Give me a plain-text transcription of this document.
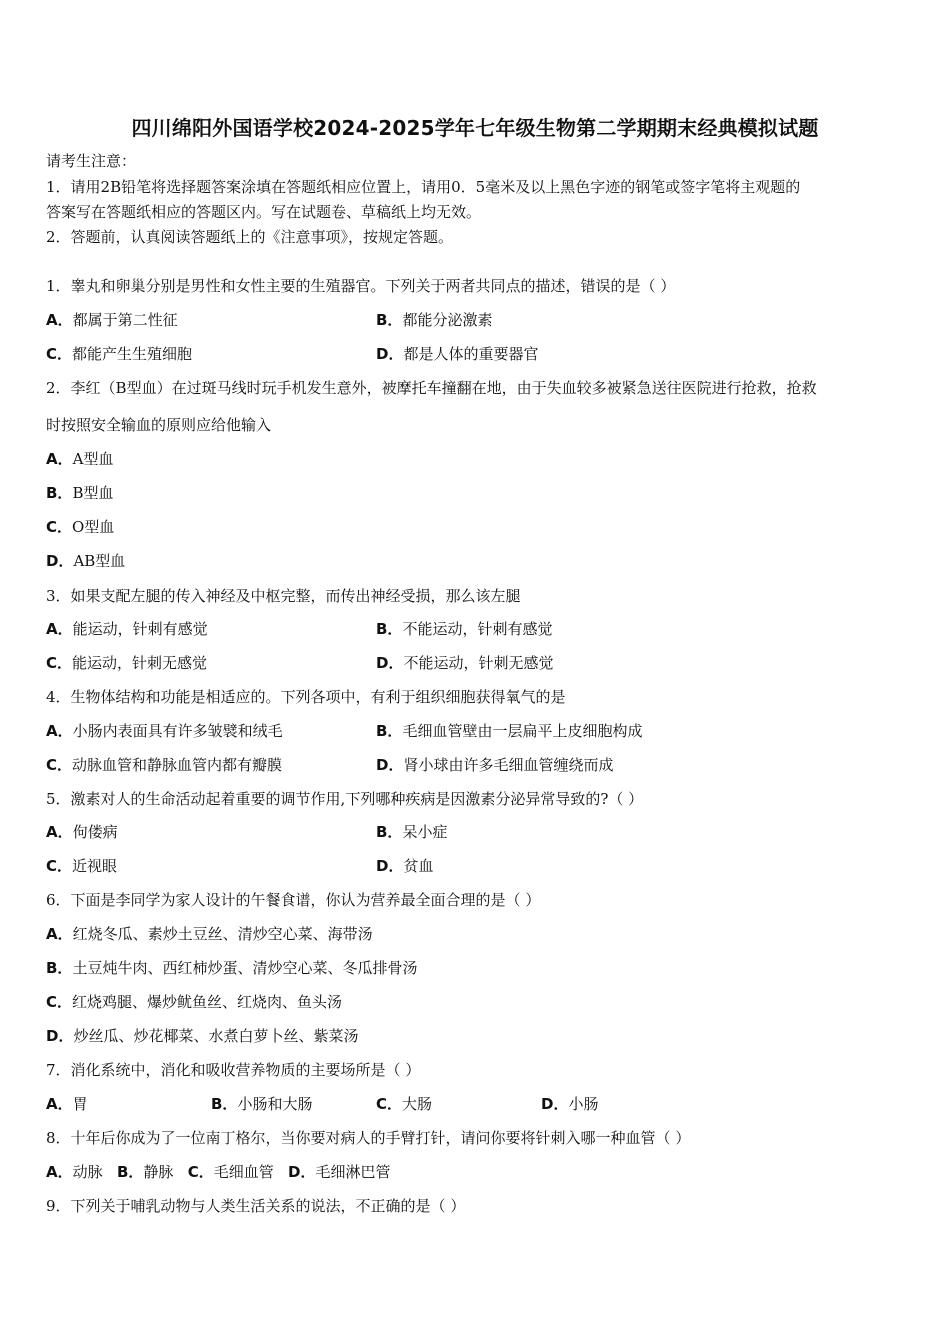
四川绵阳外国语学校2024-2025学年七年级生物第二学期期末经典模拟试题
请考生注意：
1．请用2B铅笔将选择题答案涂填在答题纸相应位置上，请用0．5毫米及以上黑色字迹的钢笔或签字笔将主观题的
答案写在答题纸相应的答题区内。写在试题卷、草稿纸上均无效。
2．答题前，认真阅读答题纸上的《注意事项》，按规定答题。
1．睾丸和卵巢分别是男性和女性主要的生殖器官。下列关于两者共同点的描述，错误的是（ ）
A．都属于第二性征	B．都能分泌激素
C．都能产生生殖细胞	D．都是人体的重要器官
2．李红（B型血）在过斑马线时玩手机发生意外，被摩托车撞翻在地，由于失血较多被紧急送往医院进行抢救，抢救
时按照安全输血的原则应给他输入
A．A型血
B．B型血
C．O型血
D．AB型血
3．如果支配左腿的传入神经及中枢完整，而传出神经受损，那么该左腿
A．能运动，针刺有感觉	B．不能运动，针刺有感觉
C．能运动，针刺无感觉	D．不能运动，针刺无感觉
4．生物体结构和功能是相适应的。下列各项中，有利于组织细胞获得氧气的是
A．小肠内表面具有许多皱襞和绒毛	B．毛细血管壁由一层扁平上皮细胞构成
C．动脉血管和静脉血管内都有瓣膜	D．肾小球由许多毛细血管缠绕而成
5．激素对人的生命活动起着重要的调节作用,下列哪种疾病是因激素分泌异常导致的?（ ）
A．佝偻病	B．呆小症
C．近视眼	D．贫血
6．下面是李同学为家人设计的午餐食谱，你认为营养最全面合理的是（ ）
A．红烧冬瓜、素炒土豆丝、清炒空心菜、海带汤
B．土豆炖牛肉、西红柿炒蛋、清炒空心菜、冬瓜排骨汤
C．红烧鸡腿、爆炒鱿鱼丝、红烧肉、鱼头汤
D．炒丝瓜、炒花椰菜、水煮白萝卜丝、紫菜汤
7．消化系统中，消化和吸收营养物质的主要场所是（ ）
A．胃	B．小肠和大肠	C．大肠	D．小肠
8．十年后你成为了一位南丁格尔，当你要对病人的手臂打针，请问你要将针刺入哪一种血管（ ）
A．动脉 B．静脉 C．毛细血管 D．毛细淋巴管
9．下列关于哺乳动物与人类生活关系的说法，不正确的是（ ）
